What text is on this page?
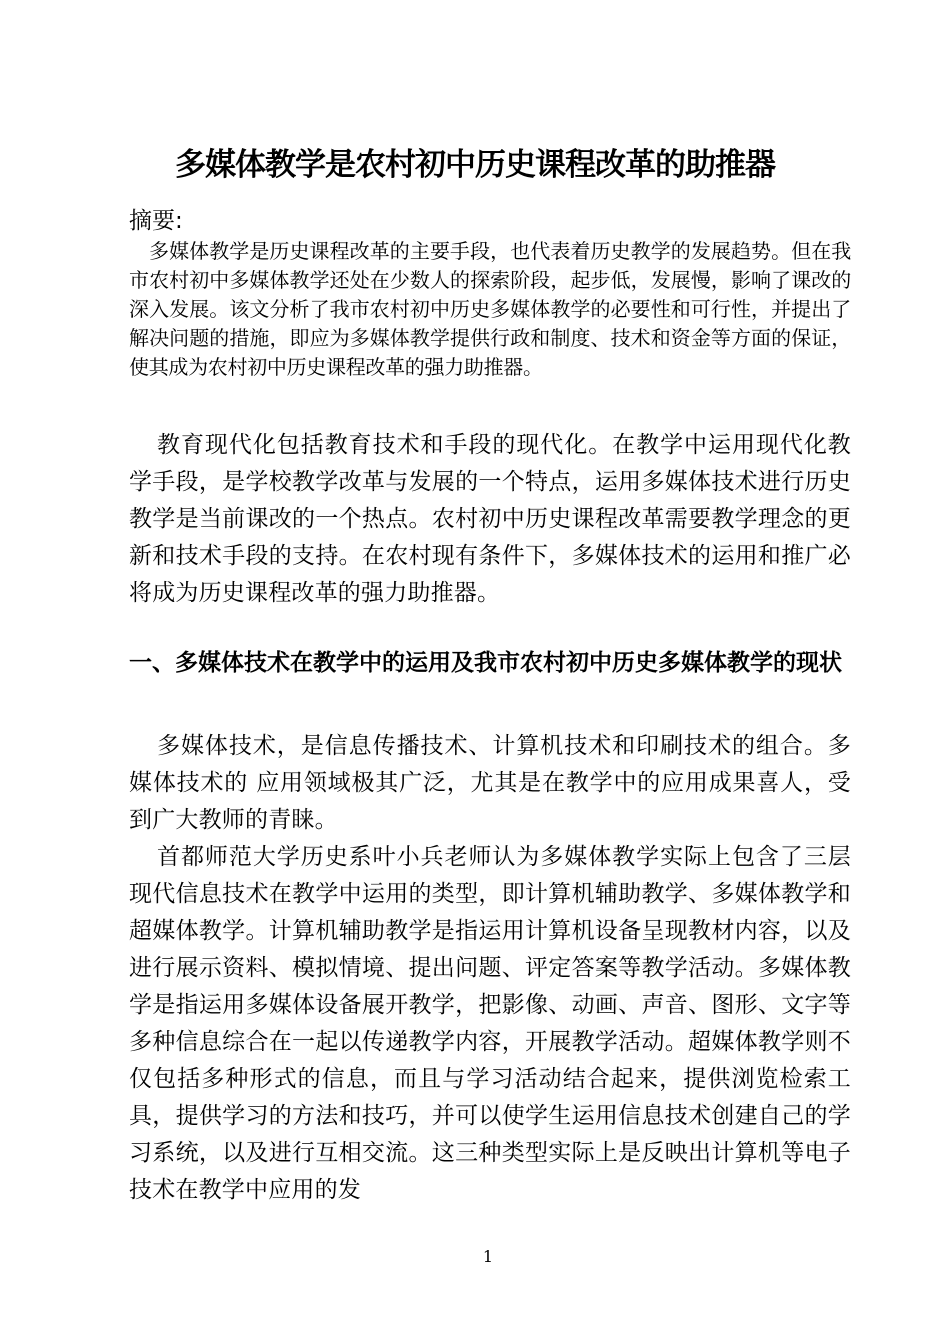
多媒体教学是农村初中历史课程改革的助推器

摘要:

多媒体教学是历史课程改革的主要手段，也代表着历史教学的发展趋势。但在我市农村初中多媒体教学还处在少数人的探索阶段，起步低，发展慢，影响了课改的深入发展。该文分析了我市农村初中历史多媒体教学的必要性和可行性，并提出了解决问题的措施，即应为多媒体教学提供行政和制度、技术和资金等方面的保证，使其成为农村初中历史课程改革的强力助推器。

教育现代化包括教育技术和手段的现代化。在教学中运用现代化教学手段，是学校教学改革与发展的一个特点，运用多媒体技术进行历史教学是当前课改的一个热点。农村初中历史课程改革需要教学理念的更新和技术手段的支持。在农村现有条件下，多媒体技术的运用和推广必将成为历史课程改革的强力助推器。

一、多媒体技术在教学中的运用及我市农村初中历史多媒体教学的现状

多媒体技术，是信息传播技术、计算机技术和印刷技术的组合。多媒体技术的 应用领域极其广泛，尤其是在教学中的应用成果喜人，受到广大教师的青睐。

首都师范大学历史系叶小兵老师认为多媒体教学实际上包含了三层现代信息技术在教学中运用的类型，即计算机辅助教学、多媒体教学和超媒体教学。计算机辅助教学是指运用计算机设备呈现教材内容，以及进行展示资料、模拟情境、提出问题、评定答案等教学活动。多媒体教学是指运用多媒体设备展开教学，把影像、动画、声音、图形、文字等多种信息综合在一起以传递教学内容，开展教学活动。超媒体教学则不仅包括多种形式的信息，而且与学习活动结合起来，提供浏览检索工具，提供学习的方法和技巧，并可以使学生运用信息技术创建自己的学习系统，以及进行互相交流。这三种类型实际上是反映出计算机等电子技术在教学中应用的发

1
